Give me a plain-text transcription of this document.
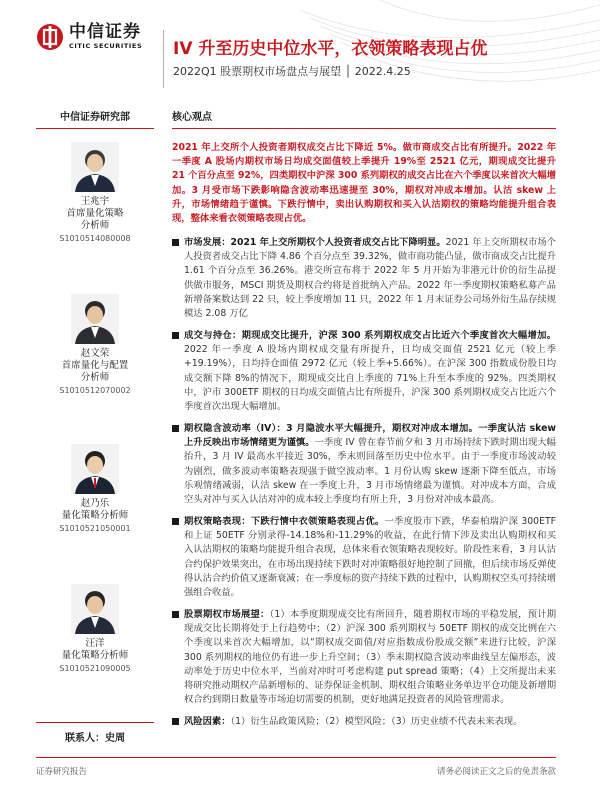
中信证券
CITIC SECURITIES IV 升至历史中位水平，衣领策略表现占优
2022Q1 股票期权市场盘点与展望 │ 2022.4.25
中信证券研究部
王兆宇
首席量化策略
分析师
S1010514080008
赵文荣
首席量化与配置
分析师
S1010512070002
赵乃乐
量化策略分析师
S1010521050001
汪洋
量化策略分析师
S1010521090005
联系人：史周
核心观点
2021 年上交所个人投资者期权成交占比下降近 5%。做市商成交占比有所提升。2022 年一季度 A 股场内期权市场日均成交面值较上季提升 19%至 2521 亿元，期现成交比提升 21 个百分点至 92%，四类期权中沪深 300 系列期权的成交占比在六个季度以来首次大幅增加。3 月受市场下跌影响隐含波动率迅速提至 30%，期权对冲成本增加。认沽 skew 上升，市场情绪趋于谨慎。下跌行情中，卖出认购期权和买入认沽期权的策略均能提升组合表现，整体来看衣领策略表现占优。

市场发展：2021 年上交所期权个人投资者成交占比下降明显。2021 年上交所期权市场个人投资者成交占比下降 4.86 个百分点至 39.32%，做市商功能凸显，做市商成交占比提升 1.61 个百分点至 36.26%。港交所宣布将于 2022 年 5 月开始为非港元计价的衍生品提供做市服务，MSCI 期货及期权合约将是首批纳入产品。2022 年一季度期权策略私募产品新增备案数达到 22 只，较上季度增加 11 只，2022 年 1 月末证券公司场外衍生品存续规模达 2.08 万亿

成交与持仓：期现成交比提升，沪深 300 系列期权成交占比近六个季度首次大幅增加。2022 年一季度 A 股场内期权成交量有所提升，日均成交面值 2521 亿元（较上季+19.19%），日均持仓面值 2972 亿元（较上季+5.66%）。在沪深 300 指数成份股日均成交额下降 8%的情况下，期现成交比自上季度的 71%上升至本季度的 92%。四类期权中，沪市 300ETF 期权的日均成交面值占比有所提升，沪深 300 系列期权成交占比近六个季度首次出现大幅增加。

期权隐含波动率（IV）：3 月隐波水平大幅提升，期权对冲成本增加。一季度认沽 skew 上升反映出市场情绪更为谨慎。一季度 IV 曾在春节前夕和 3 月市场持续下跌时期出现大幅抬升，3 月 IV 最高水平接近 30%，季末则回落至历史中位水平。由于一季度市场波动较为剧烈，做多波动率策略表现强于做空波动率。1 月份认购 skew 逐渐下降至低点，市场乐观情绪减弱，认沽 skew 在一季度上升，3 月市场情绪最为谨慎。对冲成本方面，合成空头对冲与买入认沽对冲的成本较上季度均有所上升，3 月份对冲成本最高。

期权策略表现：下跌行情中衣领策略表现占优。一季度股市下跌，华泰柏瑞沪深 300ETF 和上证 50ETF 分别录得-14.18%和-11.29%的收益，在此行情下涉及卖出认购期权和买入认沽期权的策略均能提升组合表现，总体来看衣领策略表现较好。阶段性来看，3 月认沽合约保护效果突出，在市场出现持续下跌时对冲策略很好地控制了回撤，但后续市场反弹使得认沽合约价值又逐渐衰减；在一季度标的资产持续下跌的过程中，认购期权空头可持续增强组合收益。

股票期权市场展望：（1）本季度期现成交比有所回升，随着期权市场的平稳发展，预计期现成交比长期将处于上行趋势中；（2）沪深 300 系列期权与 50ETF 期权的成交比例在六个季度以来首次大幅增加，以“期权成交面值/对应指数成份股成交额”来进行比较，沪深 300 系列期权的地位仍有进一步上升空间；（3）季末期权隐含波动率曲线呈左偏形态，波动率处于历史中位水平，当前对冲时可考虑构建 put spread 策略；（4）上交所提出未来将研究推动期权产品新增标的、证券保证金机制、期权组合策略业务单边平仓功能及新增期权合约到期日数量等市场迫切需要的机制，更好地满足投资者的风险管理需求。

风险因素：（1）衍生品政策风险；（2）模型风险；（3）历史业绩不代表未来表现。

证券研究报告	请务必阅读正文之后的免责条款
